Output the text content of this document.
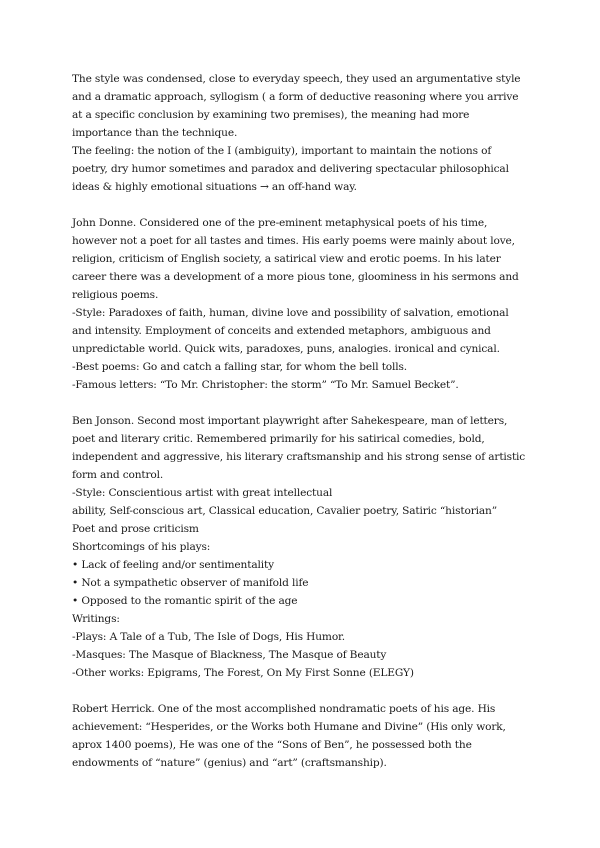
The style was condensed, close to everyday speech, they used an argumentative style
and a dramatic approach, syllogism ( a form of deductive reasoning where you arrive
at a specific conclusion by examining two premises), the meaning had more
importance than the technique.
The feeling: the notion of the I (ambiguity), important to maintain the notions of
poetry, dry humor sometimes and paradox and delivering spectacular philosophical
ideas & highly emotional situations → an off-hand way.
John Donne. Considered one of the pre-eminent metaphysical poets of his time,
however not a poet for all tastes and times. His early poems were mainly about love,
religion, criticism of English society, a satirical view and erotic poems. In his later
career there was a development of a more pious tone, gloominess in his sermons and
religious poems.
-Style: Paradoxes of faith, human, divine love and possibility of salvation, emotional
and intensity. Employment of conceits and extended metaphors, ambiguous and
unpredictable world. Quick wits, paradoxes, puns, analogies. ironical and cynical.
-Best poems: Go and catch a falling star, for whom the bell tolls.
-Famous letters: “To Mr. Christopher: the storm” “To Mr. Samuel Becket”.
Ben Jonson. Second most important playwright after Sahekespeare, man of letters,
poet and literary critic. Remembered primarily for his satirical comedies, bold,
independent and aggressive, his literary craftsmanship and his strong sense of artistic
form and control.
-Style: Conscientious artist with great intellectual
ability, Self-conscious art, Classical education, Cavalier poetry, Satiric “historian”
Poet and prose criticism
Shortcomings of his plays:
• Lack of feeling and/or sentimentality
• Not a sympathetic observer of manifold life
• Opposed to the romantic spirit of the age
Writings:
-Plays: A Tale of a Tub, The Isle of Dogs, His Humor.
-Masques: The Masque of Blackness, The Masque of Beauty
-Other works: Epigrams, The Forest, On My First Sonne (ELEGY)
Robert Herrick. One of the most accomplished nondramatic poets of his age. His
achievement: “Hesperides, or the Works both Humane and Divine” (His only work,
aprox 1400 poems), He was one of the “Sons of Ben”, he possessed both the
endowments of “nature” (genius) and “art” (craftsmanship).
